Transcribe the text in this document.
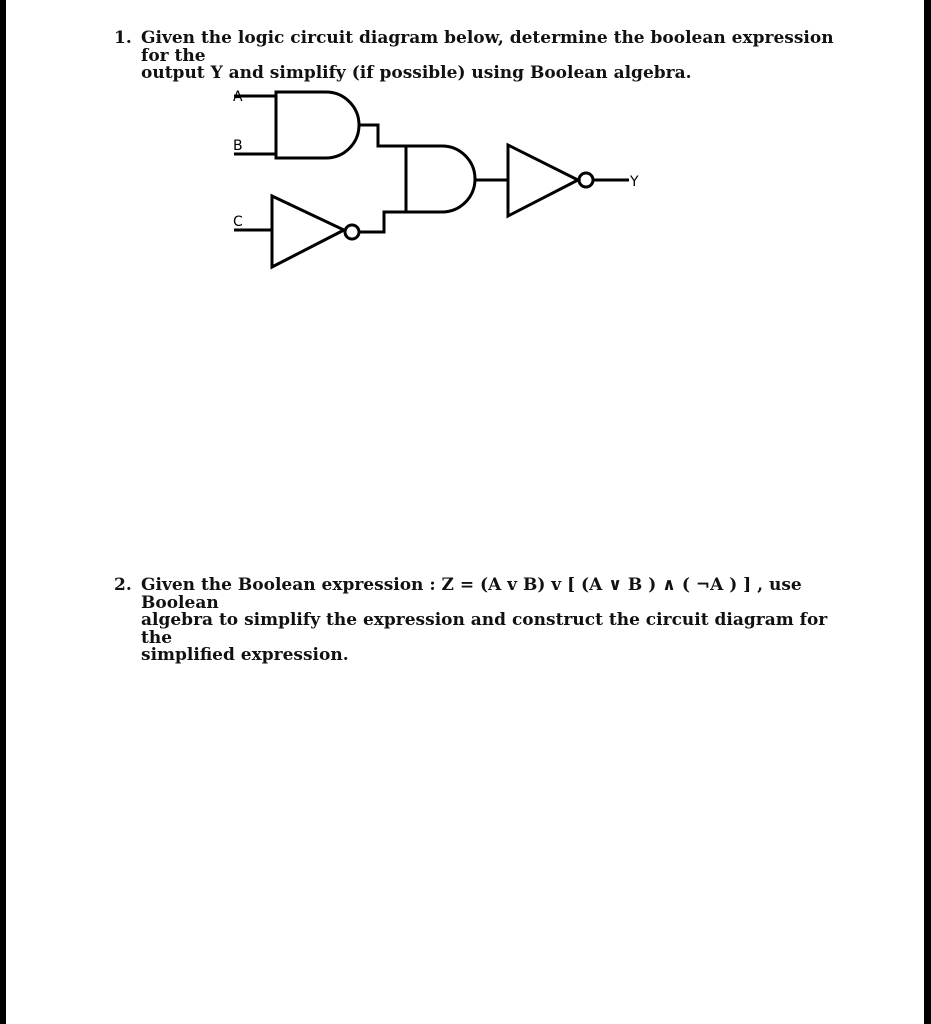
1. Given the logic circuit diagram below, determine the boolean expression for the
output Y and simplify (if possible) using Boolean algebra.
A
B
C
Y
2. Given the Boolean expression : Z = (A v B) v [ (A ∨ B ) ∧ ( ¬A ) ] , use Boolean
algebra to simplify the expression and construct the circuit diagram for the
simplified expression.
